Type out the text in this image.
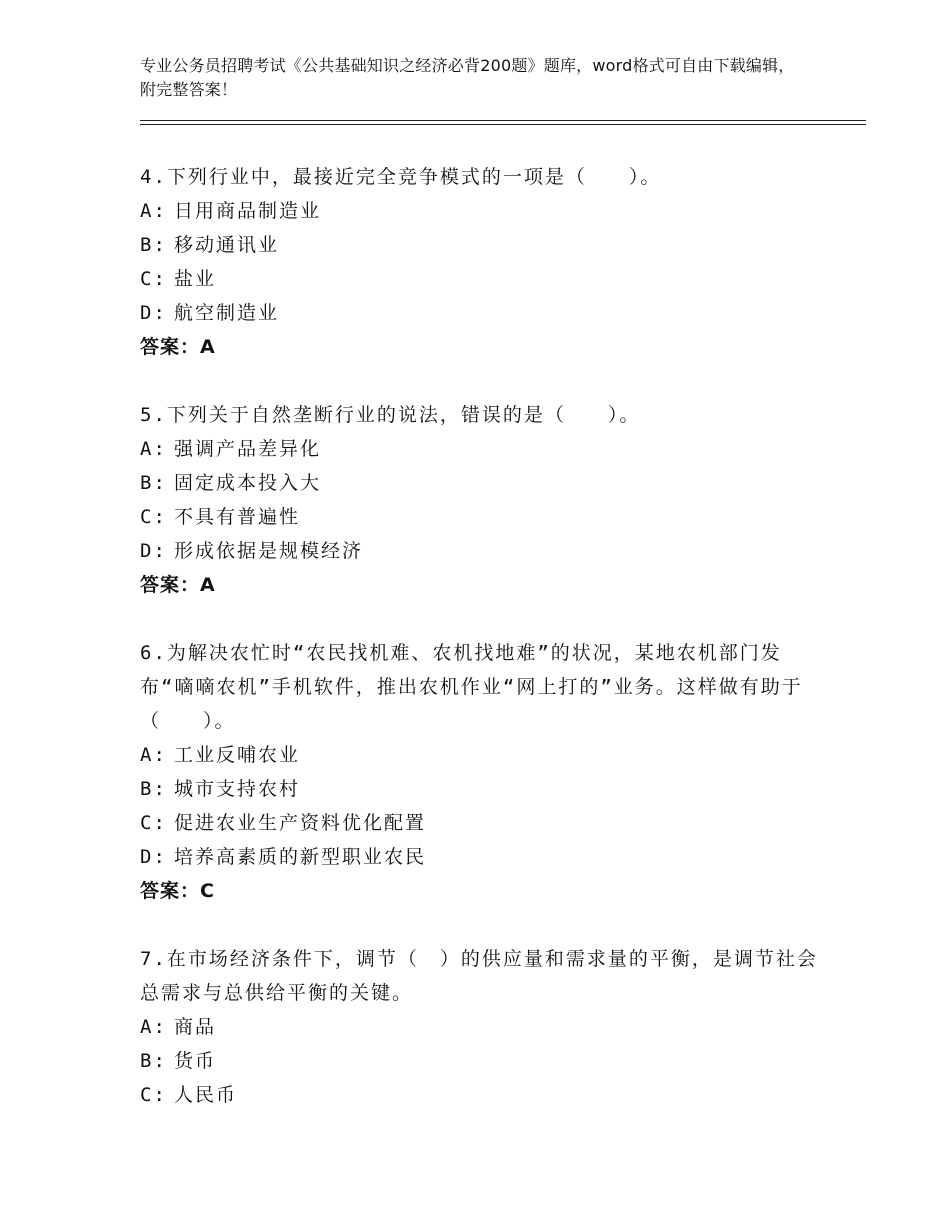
专业公务员招聘考试《公共基础知识之经济必背200题》题库，word格式可自由下载编辑，附完整答案！

4.下列行业中，最接近完全竞争模式的一项是（　　）。

A: 日用商品制造业

B: 移动通讯业

C: 盐业

D: 航空制造业

答案：A

5.下列关于自然垄断行业的说法，错误的是（　　）。

A: 强调产品差异化

B: 固定成本投入大

C: 不具有普遍性

D: 形成依据是规模经济

答案：A

6.为解决农忙时“农民找机难、农机找地难”的状况，某地农机部门发布“嘀嘀农机”手机软件，推出农机作业“网上打的”业务。这样做有助于（　　）。

A: 工业反哺农业

B: 城市支持农村

C: 促进农业生产资料优化配置

D: 培养高素质的新型职业农民

答案：C

7.在市场经济条件下，调节（　）的供应量和需求量的平衡，是调节社会总需求与总供给平衡的关键。

A: 商品

B: 货币

C: 人民币
